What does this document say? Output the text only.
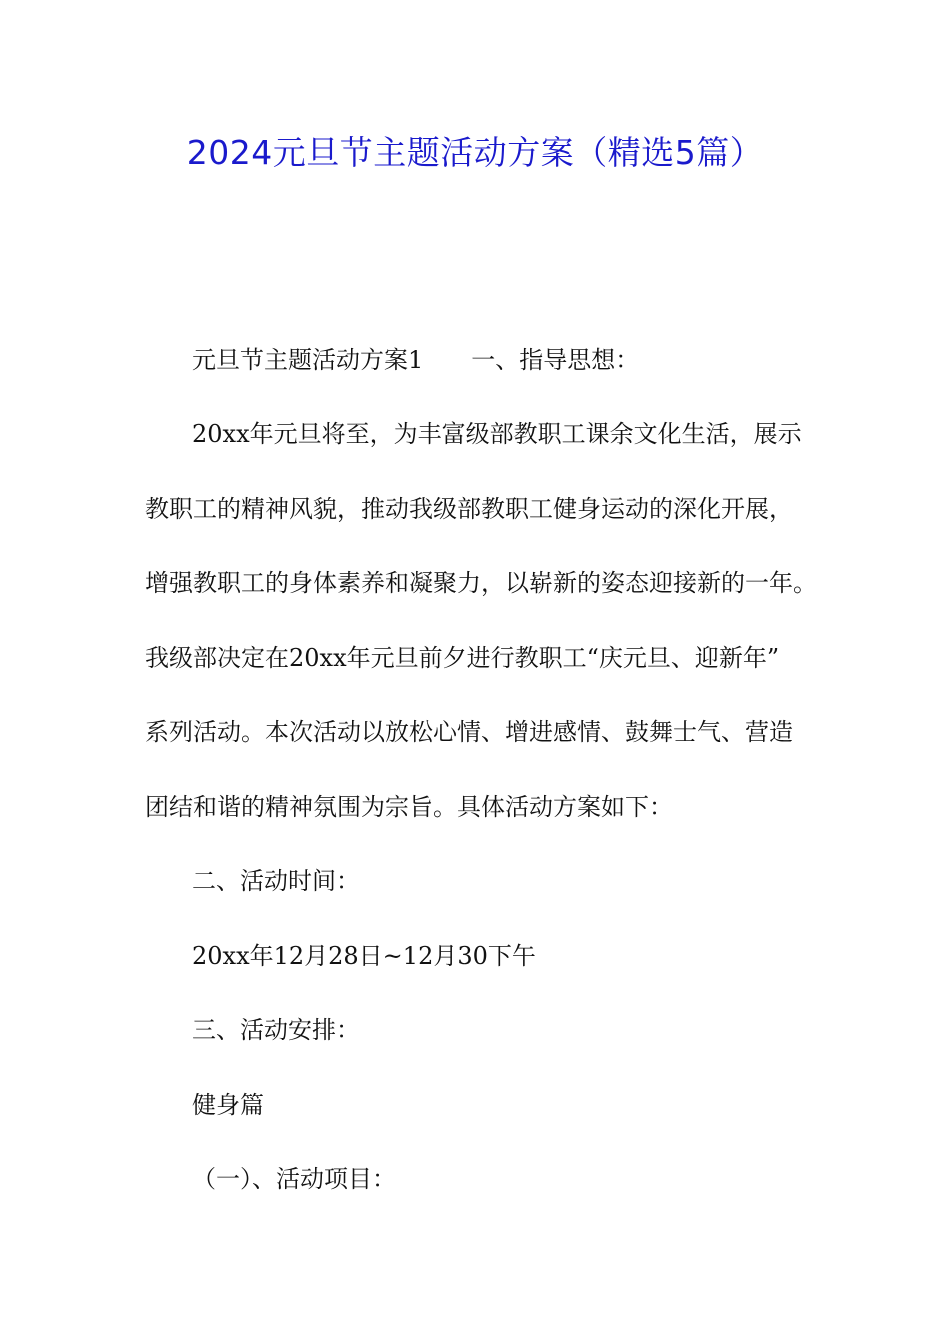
2024元旦节主题活动方案（精选5篇）

元旦节主题活动方案1 一、指导思想：

20xx年元旦将至，为丰富级部教职工课余文化生活，展示

教职工的精神风貌，推动我级部教职工健身运动的深化开展，

增强教职工的身体素养和凝聚力，以崭新的姿态迎接新的一年。

我级部决定在20xx年元旦前夕进行教职工“庆元旦、迎新年”

系列活动。本次活动以放松心情、增进感情、鼓舞士气、营造

团结和谐的精神氛围为宗旨。具体活动方案如下：

二、活动时间：

20xx年12月28日~12月30下午

三、活动安排：

健身篇

（一）、活动项目：
